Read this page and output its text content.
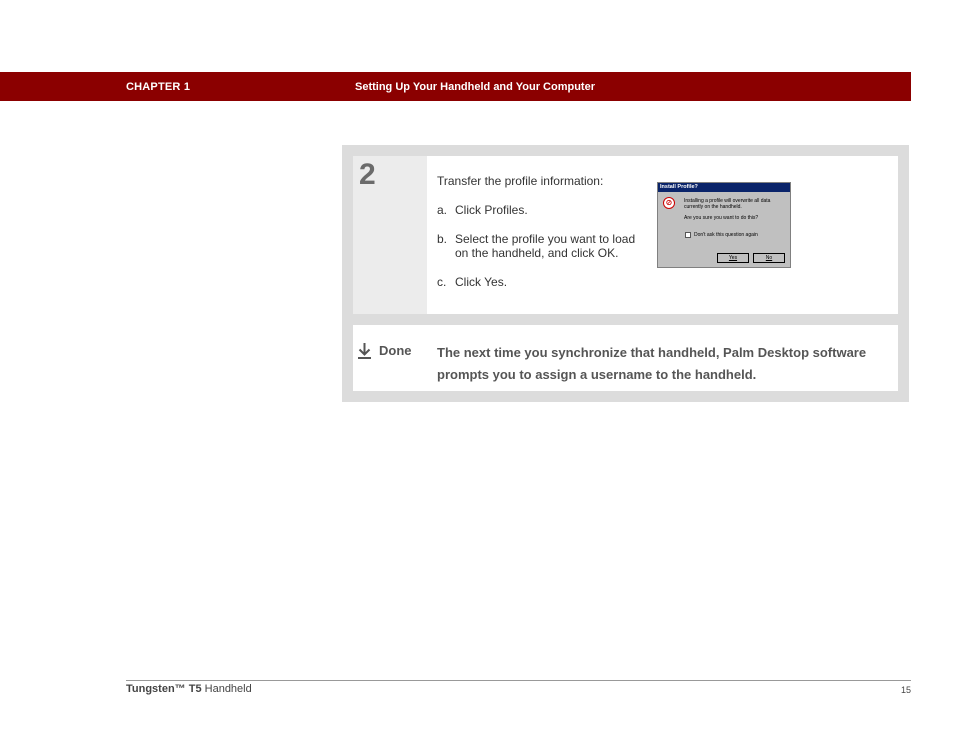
CHAPTER 1	Setting Up Your Handheld and Your Computer
2	Transfer the profile information:

a. Click Profiles.

b. Select the profile you want to load on the handheld, and click OK.

c. Click Yes.

Install Profile?
⊘	Installing a profile will overwrite all data currently on the handheld.
Are you sure you want to do this?
Don't ask this question again
Yes	No
Done The next time you synchronize that handheld, Palm Desktop software prompts you to assign a username to the handheld.
Tungsten™ T5 Handheld	15
